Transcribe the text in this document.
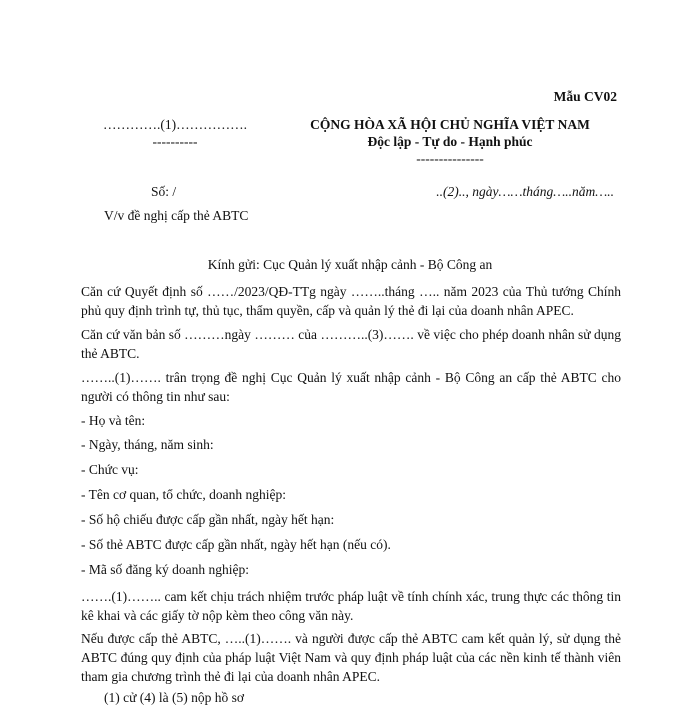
Mẫu CV02
………….(1)…………….
----------
CỘNG HÒA XÃ HỘI CHỦ NGHĨA VIỆT NAM
Độc lập - Tự do - Hạnh phúc
---------------
Số: /	..(2).., ngày……tháng…..năm…..
V/v đề nghị cấp thẻ ABTC
Kính gửi: Cục Quản lý xuất nhập cảnh - Bộ Công an
Căn cứ Quyết định số ……/2023/QĐ-TTg ngày ……..tháng ….. năm 2023 của Thủ tướng Chính phủ quy định trình tự, thủ tục, thẩm quyền, cấp và quản lý thẻ đi lại của doanh nhân APEC.
Căn cứ văn bản số ………ngày ……… của ………..(3)……. về việc cho phép doanh nhân sử dụng thẻ ABTC.
……..(1)……. trân trọng đề nghị Cục Quản lý xuất nhập cảnh - Bộ Công an cấp thẻ ABTC cho người có thông tin như sau:
- Họ và tên:
- Ngày, tháng, năm sinh:
- Chức vụ:
- Tên cơ quan, tổ chức, doanh nghiệp:
- Số hộ chiếu được cấp gần nhất, ngày hết hạn:
- Số thẻ ABTC được cấp gần nhất, ngày hết hạn (nếu có).
- Mã số đăng ký doanh nghiệp:
…….(1)…….. cam kết chịu trách nhiệm trước pháp luật về tính chính xác, trung thực các thông tin kê khai và các giấy tờ nộp kèm theo công văn này.
Nếu được cấp thẻ ABTC, …..(1)……. và người được cấp thẻ ABTC cam kết quản lý, sử dụng thẻ ABTC đúng quy định của pháp luật Việt Nam và quy định pháp luật của các nền kinh tế thành viên tham gia chương trình thẻ đi lại của doanh nhân APEC.
(1) cử (4) là (5) nộp hồ sơ
